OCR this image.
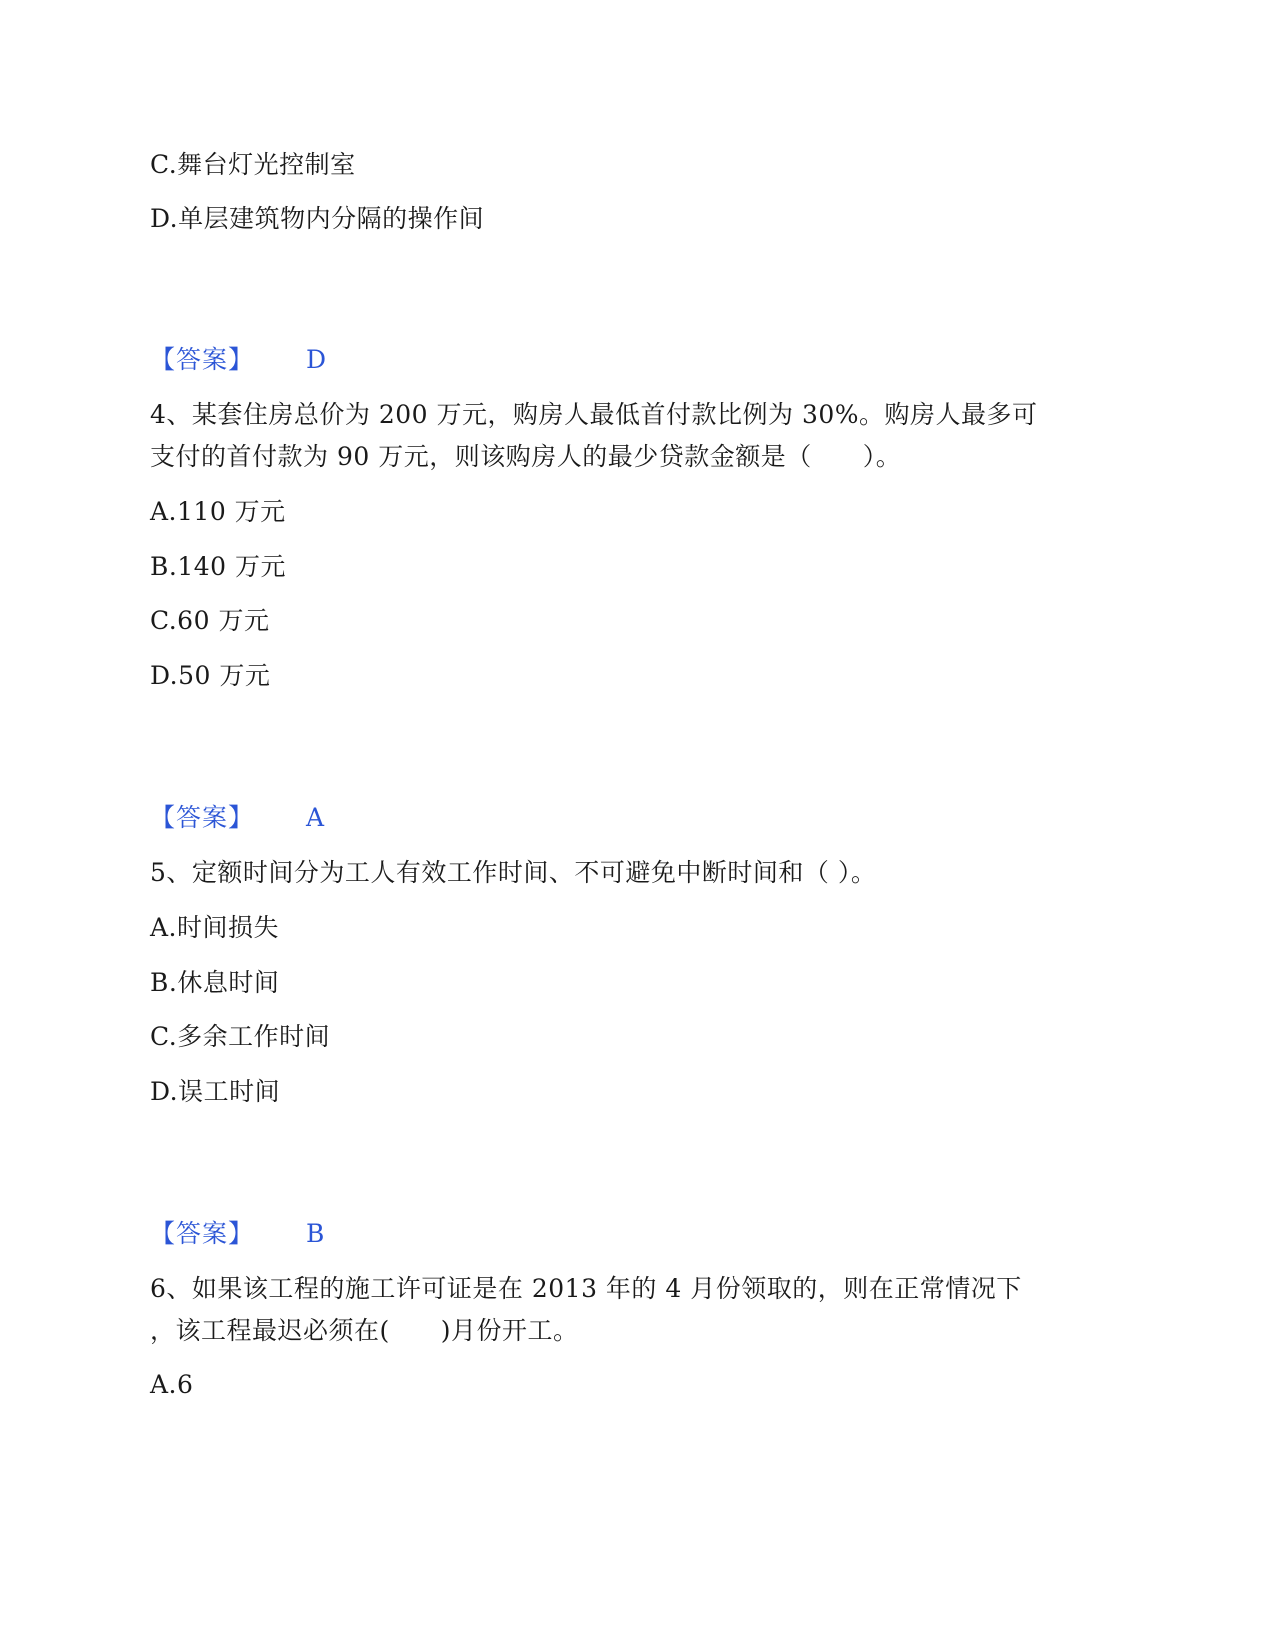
C.舞台灯光控制室
D.单层建筑物内分隔的操作间
【答案】 D
4、某套住房总价为 200 万元，购房人最低首付款比例为 30%。购房人最多可
支付的首付款为 90 万元，则该购房人的最少贷款金额是（　　）。
A.110 万元
B.140 万元
C.60 万元
D.50 万元
【答案】 A
5、定额时间分为工人有效工作时间、不可避免中断时间和（ ）。
A.时间损失
B.休息时间
C.多余工作时间
D.误工时间
【答案】 B
6、如果该工程的施工许可证是在 2013 年的 4 月份领取的，则在正常情况下
，该工程最迟必须在(　　)月份开工。
A.6
